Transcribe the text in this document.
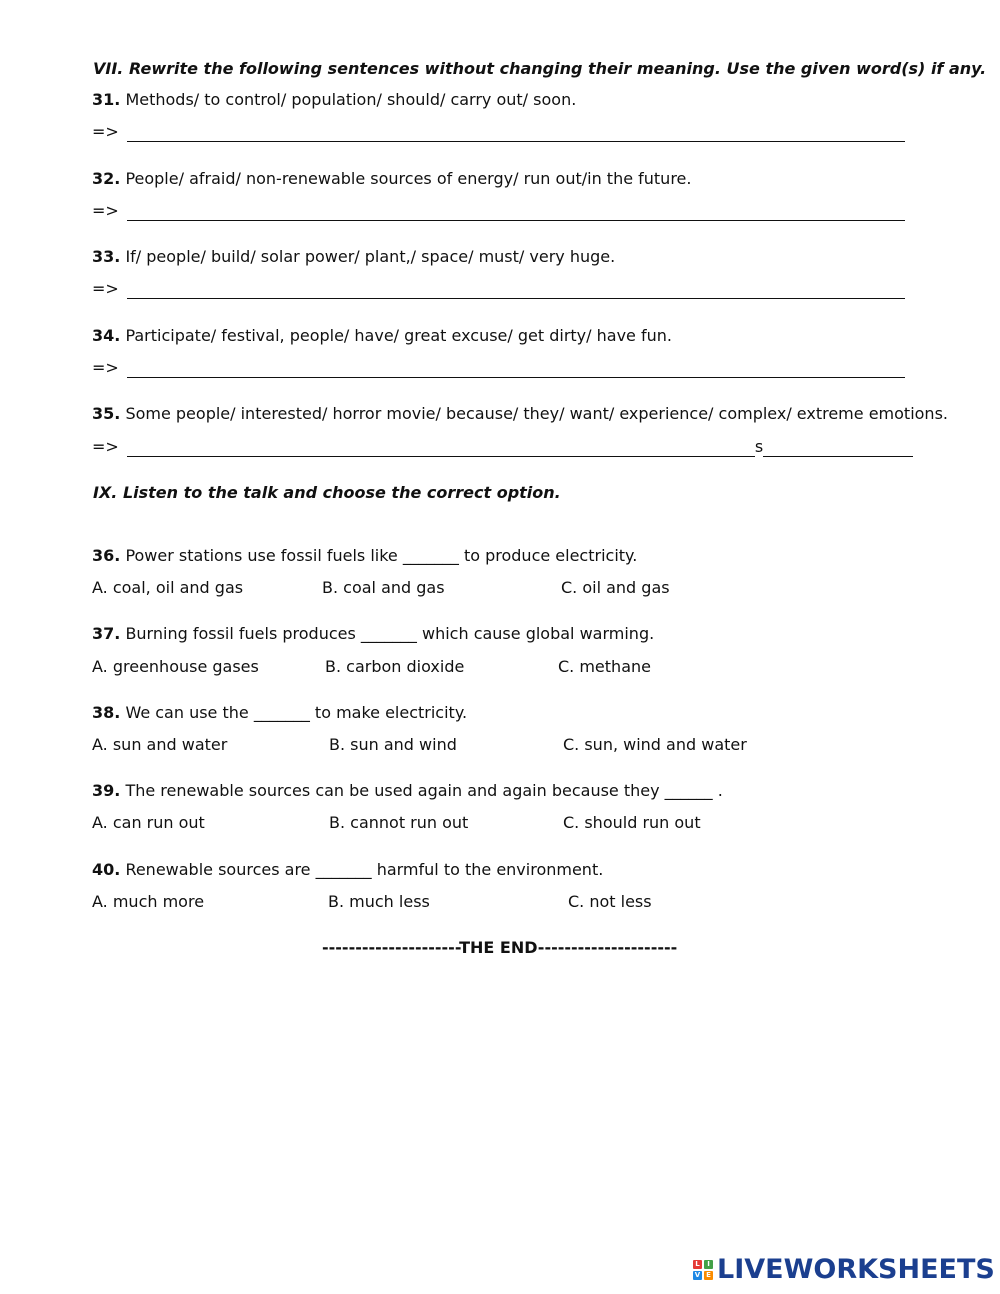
VII. Rewrite the following sentences without changing their meaning. Use the given word(s) if any.
31. Methods/ to control/ population/ should/ carry out/ soon.
=>
32. People/ afraid/ non-renewable sources of energy/ run out/in the future.
=>
33. If/ people/ build/ solar power/ plant,/ space/ must/ very huge.
=>
34. Participate/ festival, people/ have/ great excuse/ get dirty/ have fun.
=>
35. Some people/ interested/ horror movie/ because/ they/ want/ experience/ complex/ extreme emotions.
=>	s
IX. Listen to the talk and choose the correct option.
36. Power stations use fossil fuels like _______ to produce electricity.
A. coal, oil and gas	B. coal and gas	C. oil and gas
37. Burning fossil fuels produces _______ which cause global warming.
A. greenhouse gases	B. carbon dioxide	C. methane
38. We can use the _______ to make electricity.
A. sun and water	B. sun and wind	C. sun, wind and water
39. The renewable sources can be used again and again because they ______ .
A. can run out	B. cannot run out	C. should run out
40. Renewable sources are _______ harmful to the environment.
A. much more	B. much less	C. not less
---------------------THE END---------------------
L	I
V E LIVEWORKSHEETS
